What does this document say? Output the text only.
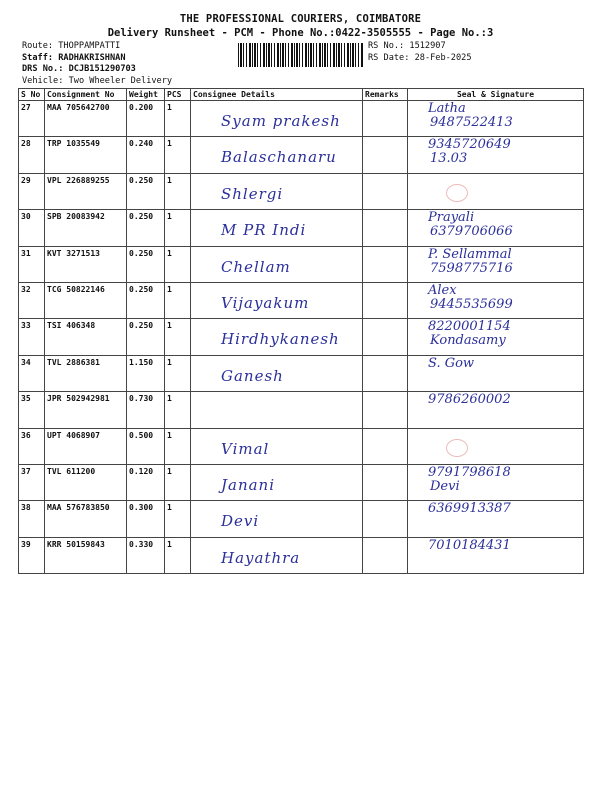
THE PROFESSIONAL COURIERS, COIMBATORE
Delivery Runsheet - PCM - Phone No.:0422-3505555 - Page No.:3
Route: THOPPAMPATTI
Staff: RADHAKRISHNAN
DRS No.: DCJB151290703
Vehicle: Two Wheeler Delivery
RS No.: 1512907
RS Date: 28-Feb-2025
S No	Consignment No	Weight	PCS	Consignee Details	Remarks	Seal & Signature
27	MAA 705642700	0.200	1	Syam prakesh		Latha
9487522413

28	TRP 1035549	0.240	1	Balaschanaru		9345720649
13.03

29	VPL 226889255	0.250	1	Shlergi		

30	SPB 20083942	0.250	1	M PR Indi		Prayali
6379706066

31	KVT 3271513	0.250	1	Chellam		P. Sellammal
7598775716

32	TCG 50822146	0.250	1	Vijayakum		Alex
9445535699

33	TSI 406348	0.250	1	Hirdhykanesh		8220001154
Kondasamy

34	TVL 2886381	1.150	1	Ganesh		S. Gow

35	JPR 502942981	0.730	1			9786260002

36	UPT 4068907	0.500	1	Vimal		

37	TVL 611200	0.120	1	Janani		9791798618
Devi

38	MAA 576783850	0.300	1	Devi		6369913387

39	KRR 50159843	0.330	1	Hayathra		7010184431
